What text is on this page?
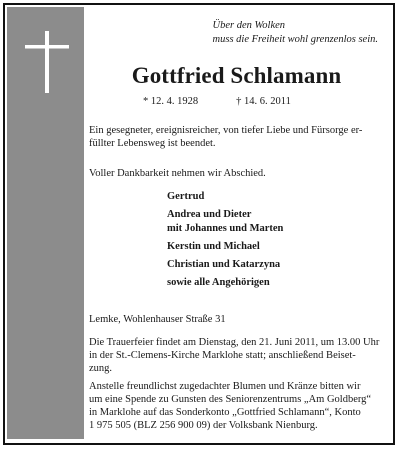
Über den Wolken
muss die Freiheit wohl grenzenlos sein.
Gottfried Schlamann
* 12. 4. 1928	† 14. 6. 2011
Ein gesegneter, ereignisreicher, von tiefer Liebe und Fürsorge er-
füllter Lebensweg ist beendet.
Voller Dankbarkeit nehmen wir Abschied.
Gertrud
Andrea und Dieter
mit Johannes und Marten
Kerstin und Michael
Christian und Katarzyna
sowie alle Angehörigen
Lemke, Wohlenhauser Straße 31
Die Trauerfeier findet am Dienstag, den 21. Juni 2011, um 13.00 Uhr
in der St.-Clemens-Kirche Marklohe statt; anschließend Beiset-
zung.
Anstelle freundlichst zugedachter Blumen und Kränze bitten wir
um eine Spende zu Gunsten des Seniorenzentrums „Am Goldberg“
in Marklohe auf das Sonderkonto „Gottfried Schlamann“, Konto
1 975 505 (BLZ 256 900 09) der Volksbank Nienburg.
